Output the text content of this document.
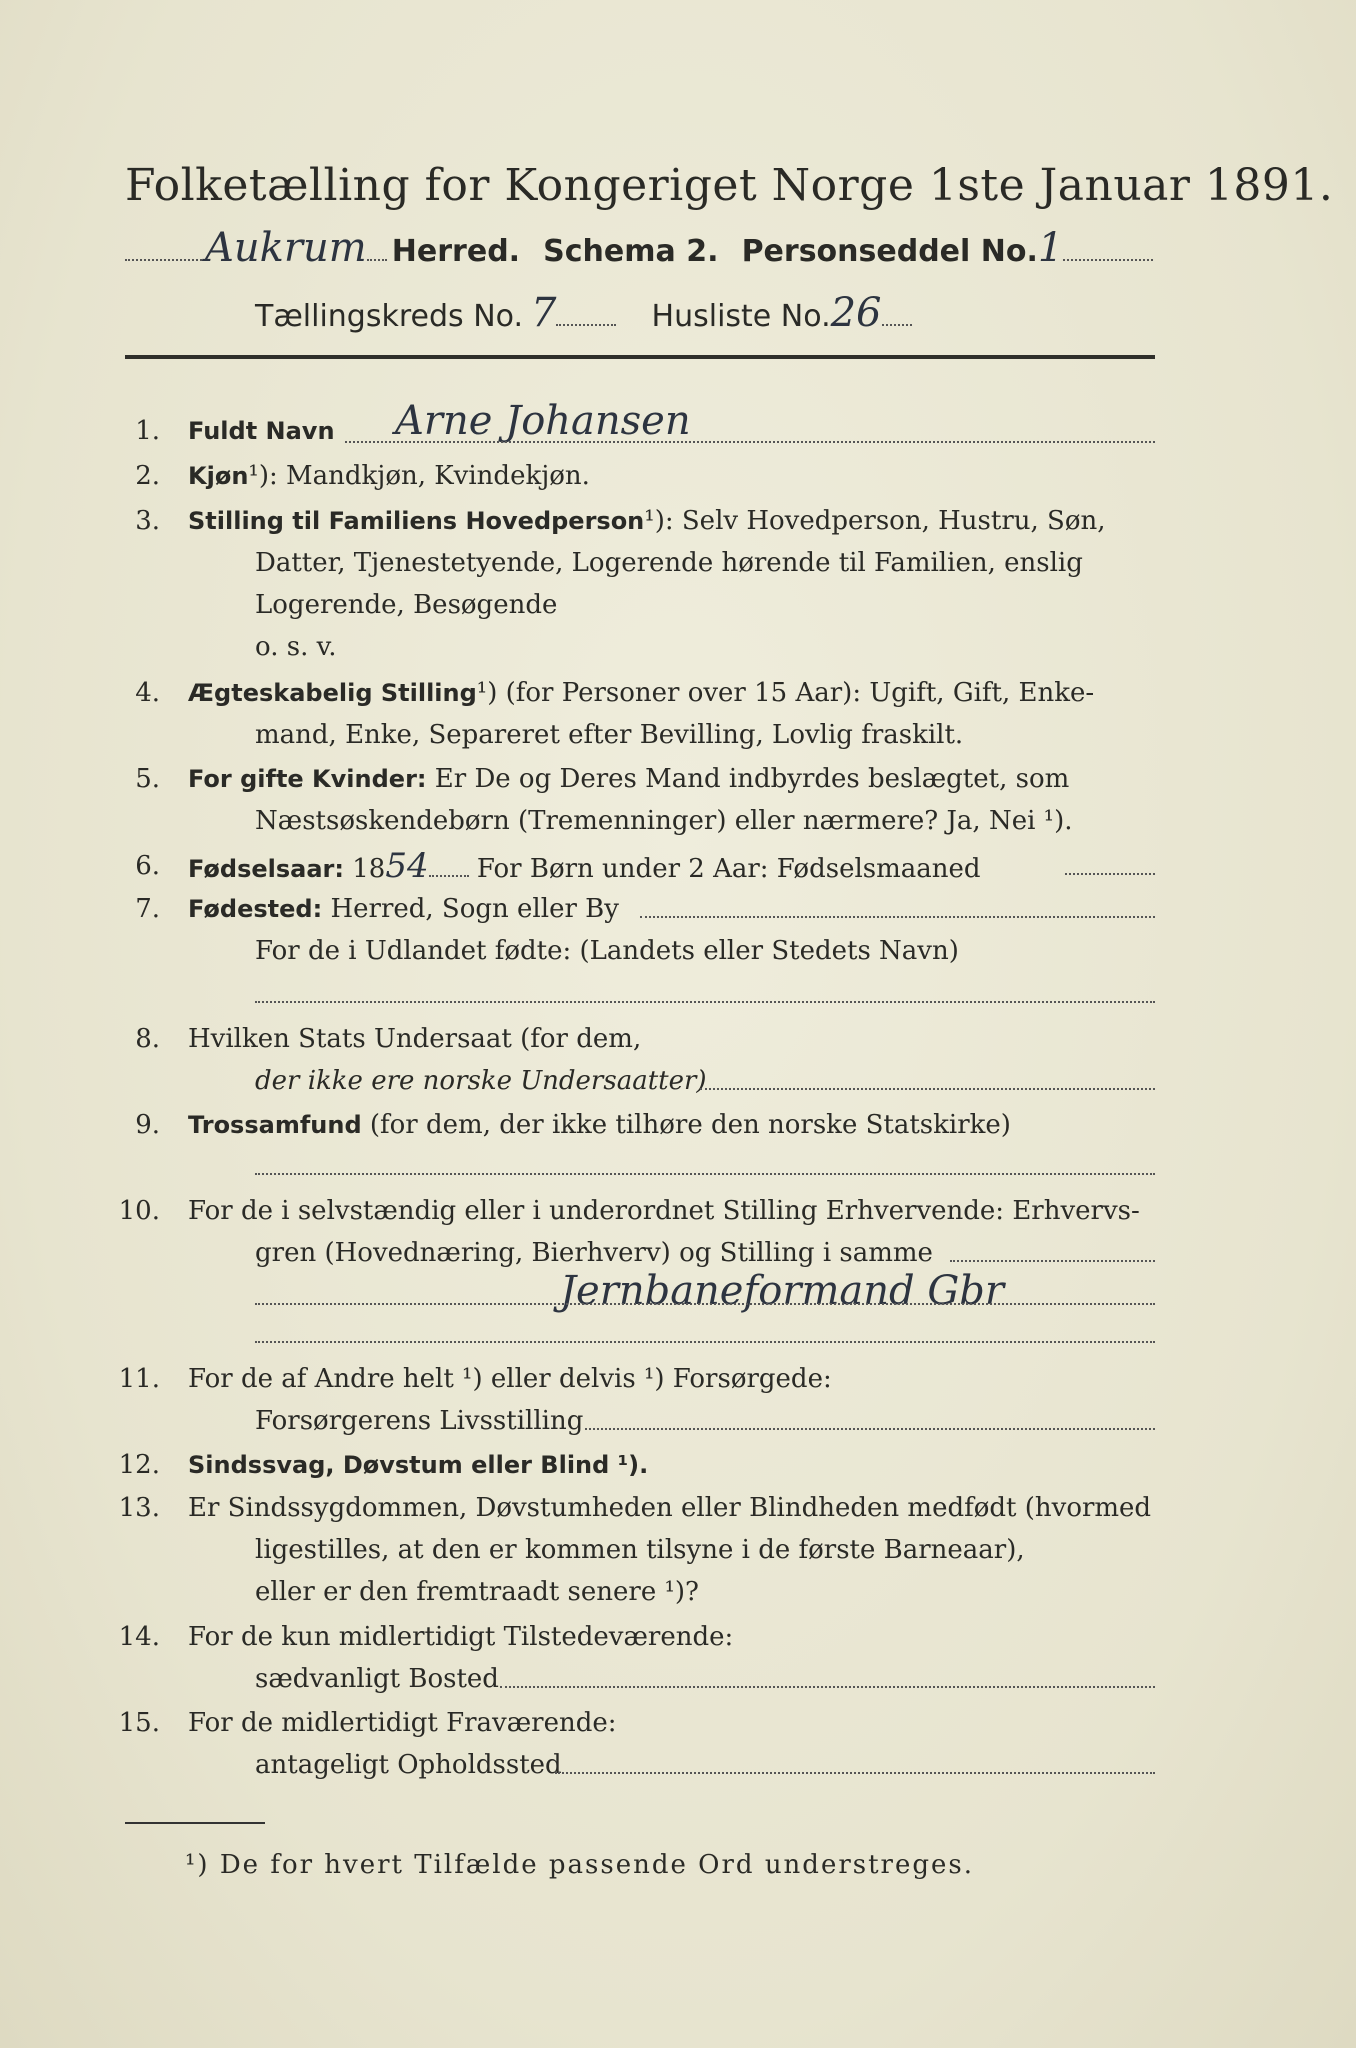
Folketælling for Kongeriget Norge 1ste Januar 1891.
Aukrum Herred. Schema 2. Personseddel No.1
Tællingskreds No. 7	Husliste No.26
1. Fuldt Navn Arne Johansen
2. Kjøn¹): Mandkjøn, Kvindekjøn.
3. Stilling til Familiens Hovedperson¹): Selv Hovedperson, Hustru, Søn,
Datter, Tjenestetyende, Logerende hørende til Familien, enslig
Logerende, Besøgende
o. s. v.
4. Ægteskabelig Stilling¹) (for Personer over 15 Aar): Ugift, Gift, Enke-
mand, Enke, Separeret efter Bevilling, Lovlig fraskilt.
5. For gifte Kvinder: Er De og Deres Mand indbyrdes beslægtet, som
Næstsøskendebørn (Tremenninger) eller nærmere? Ja, Nei ¹).
6. Fødselsaar: 1854 For Børn under 2 Aar: Fødselsmaaned
7. Fødested: Herred, Sogn eller By
For de i Udlandet fødte: (Landets eller Stedets Navn)
8. Hvilken Stats Undersaat (for dem,
der ikke ere norske Undersaatter)
9. Trossamfund (for dem, der ikke tilhøre den norske Statskirke)
10. For de i selvstændig eller i underordnet Stilling Erhvervende: Erhvervs-
gren (Hovednæring, Bierhverv) og Stilling i samme
Jernbaneformand Gbr
11. For de af Andre helt ¹) eller delvis ¹) Forsørgede:
Forsørgerens Livsstilling
12. Sindssvag, Døvstum eller Blind ¹).
13. Er Sindssygdommen, Døvstumheden eller Blindheden medfødt (hvormed
ligestilles, at den er kommen tilsyne i de første Barneaar),
eller er den fremtraadt senere ¹)?
14. For de kun midlertidigt Tilstedeværende:
sædvanligt Bosted
15. For de midlertidigt Fraværende:
antageligt Opholdssted
¹) De for hvert Tilfælde passende Ord understreges.
